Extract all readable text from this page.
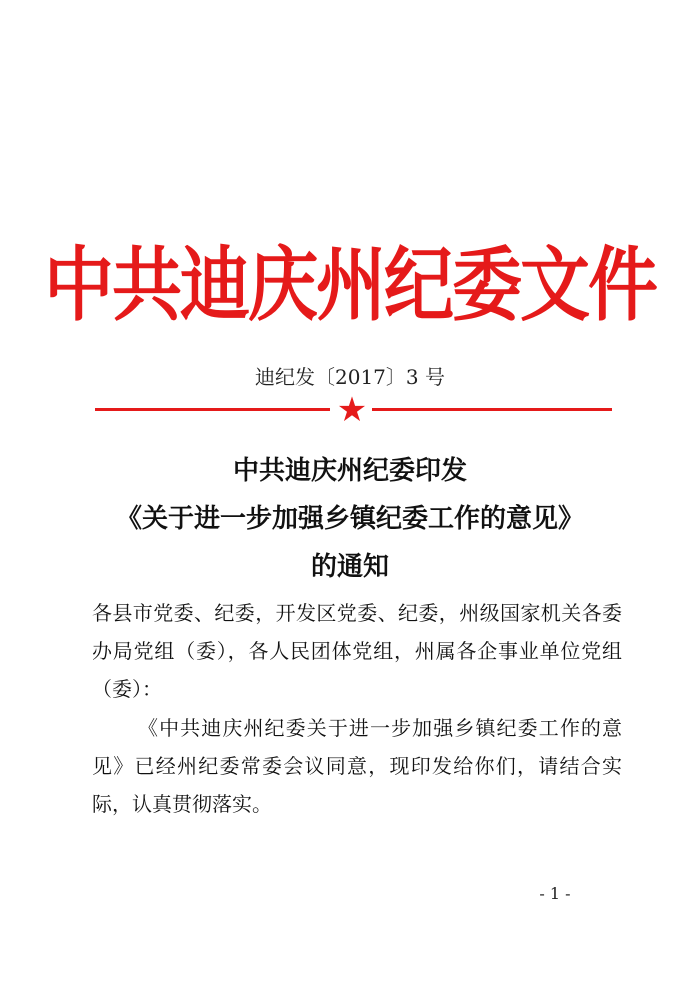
中共迪庆州纪委文件
迪纪发〔2017〕3 号
★
中共迪庆州纪委印发
《关于进一步加强乡镇纪委工作的意见》
的通知

各县市党委、纪委，开发区党委、纪委，州级国家机关各委办局党组（委），各人民团体党组，州属各企事业单位党组（委）：

《中共迪庆州纪委关于进一步加强乡镇纪委工作的意见》已经州纪委常委会议同意，现印发给你们，请结合实际，认真贯彻落实。

- 1 -
